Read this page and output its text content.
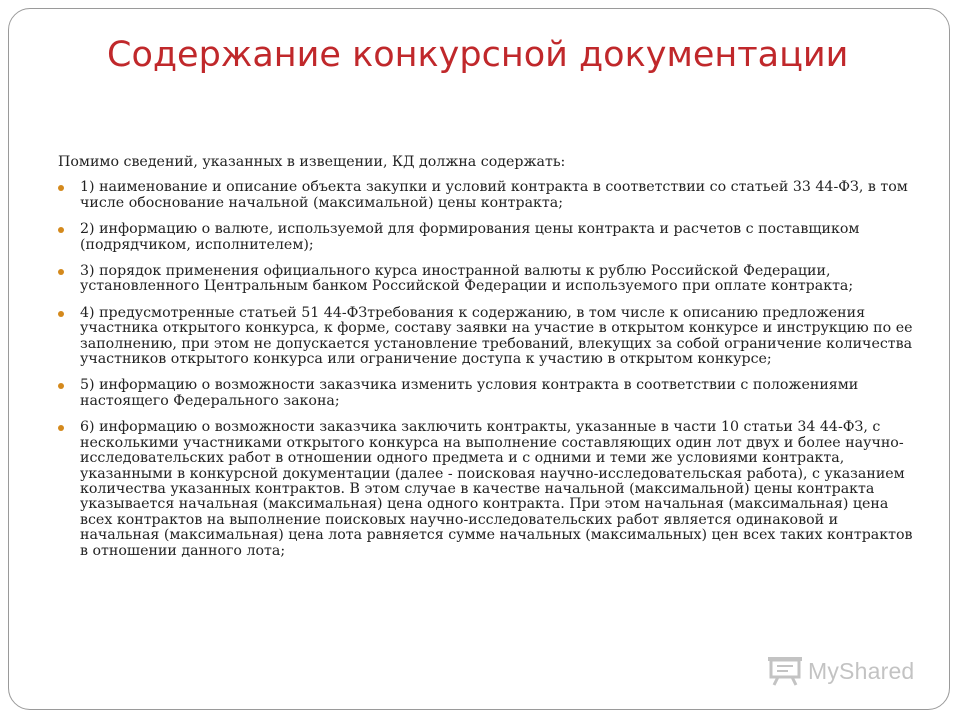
Содержание конкурсной документации

Помимо сведений, указанных в извещении, КД должна содержать:

1) наименование и описание объекта закупки и условий контракта в соответствии со статьей 33 44-ФЗ, в том числе обоснование начальной (максимальной) цены контракта;
2) информацию о валюте, используемой для формирования цены контракта и расчетов с поставщиком (подрядчиком, исполнителем);
3) порядок применения официального курса иностранной валюты к рублю Российской Федерации, установленного Центральным банком Российской Федерации и используемого при оплате контракта;
4) предусмотренные статьей 51 44-ФЗтребования к содержанию, в том числе к описанию предложения участника открытого конкурса, к форме, составу заявки на участие в открытом конкурсе и инструкцию по ее заполнению, при этом не допускается установление требований, влекущих за собой ограничение количества участников открытого конкурса или ограничение доступа к участию в открытом конкурсе;
5) информацию о возможности заказчика изменить условия контракта в соответствии с положениями настоящего Федерального закона;
6) информацию о возможности заказчика заключить контракты, указанные в части 10 статьи 34 44-ФЗ, с несколькими участниками открытого конкурса на выполнение составляющих один лот двух и более научно-исследовательских работ в отношении одного предмета и с одними и теми же условиями контракта, указанными в конкурсной документации (далее - поисковая научно-исследовательская работа), с указанием количества указанных контрактов. В этом случае в качестве начальной (максимальной) цены контракта указывается начальная (максимальная) цена одного контракта. При этом начальная (максимальная) цена всех контрактов на выполнение поисковых научно-исследовательских работ является одинаковой и начальная (максимальная) цена лота равняется сумме начальных (максимальных) цен всех таких контрактов в отношении данного лота;
MyShared
